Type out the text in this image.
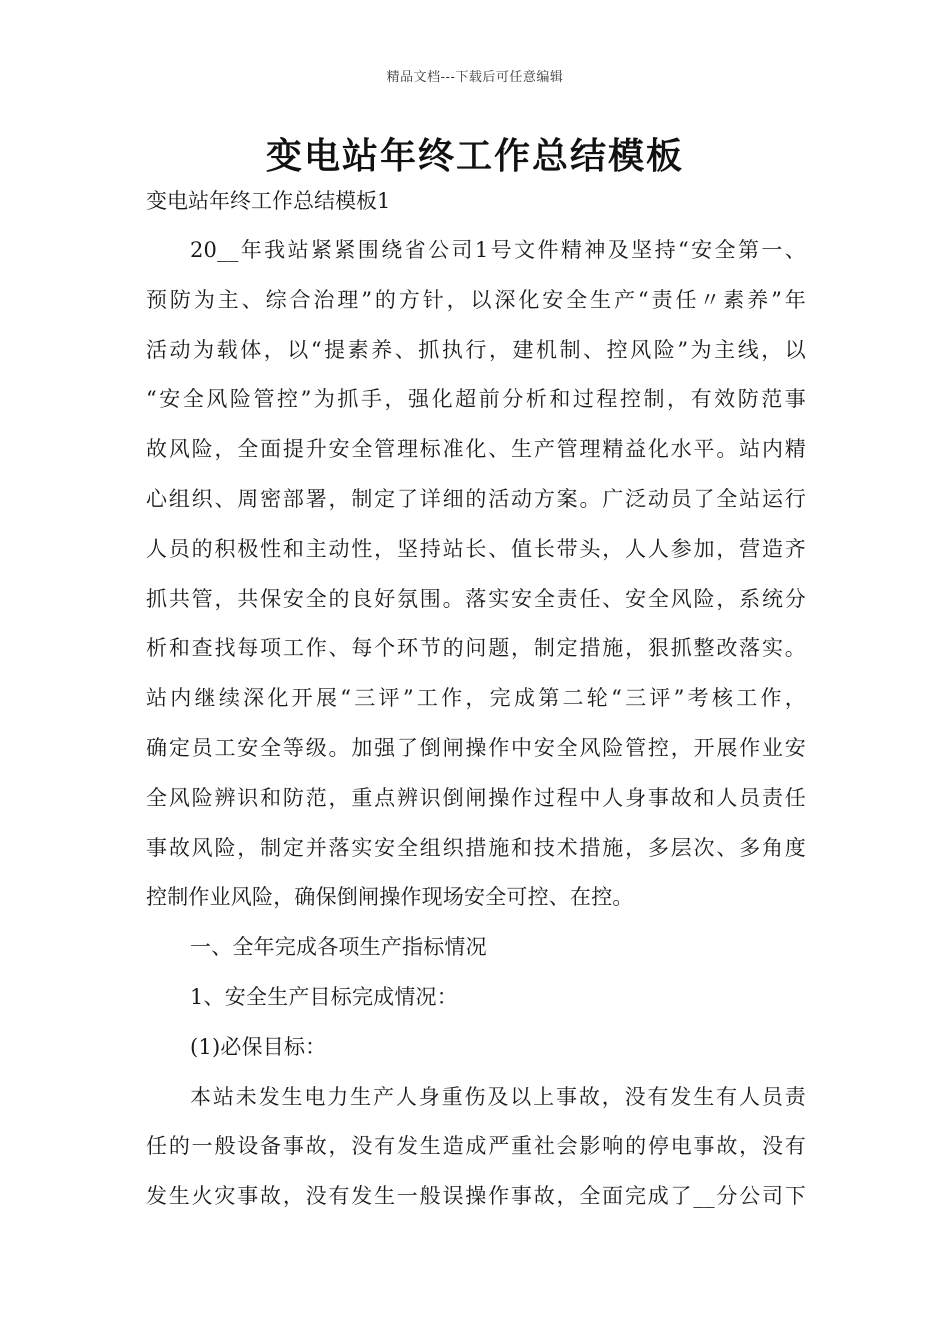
精品文档---下载后可任意编辑
变电站年终工作总结模板
变电站年终工作总结模板1
20__年我站紧紧围绕省公司1号文件精神及坚持“安全第一、
预防为主、综合治理”的方针，以深化安全生产“责任〃素养”年
活动为载体，以“提素养、抓执行，建机制、控风险”为主线，以
“安全风险管控”为抓手，强化超前分析和过程控制，有效防范事
故风险，全面提升安全管理标准化、生产管理精益化水平。站内精
心组织、周密部署，制定了详细的活动方案。广泛动员了全站运行
人员的积极性和主动性，坚持站长、值长带头，人人参加，营造齐
抓共管，共保安全的良好氛围。落实安全责任、安全风险，系统分
析和查找每项工作、每个环节的问题，制定措施，狠抓整改落实。
站内继续深化开展“三评”工作，完成第二轮“三评”考核工作，
确定员工安全等级。加强了倒闸操作中安全风险管控，开展作业安
全风险辨识和防范，重点辨识倒闸操作过程中人身事故和人员责任
事故风险，制定并落实安全组织措施和技术措施，多层次、多角度
控制作业风险，确保倒闸操作现场安全可控、在控。
一、全年完成各项生产指标情况
1、安全生产目标完成情况：
(1)必保目标：
本站未发生电力生产人身重伤及以上事故，没有发生有人员责
任的一般设备事故，没有发生造成严重社会影响的停电事故，没有
发生火灾事故，没有发生一般误操作事故，全面完成了__分公司下
